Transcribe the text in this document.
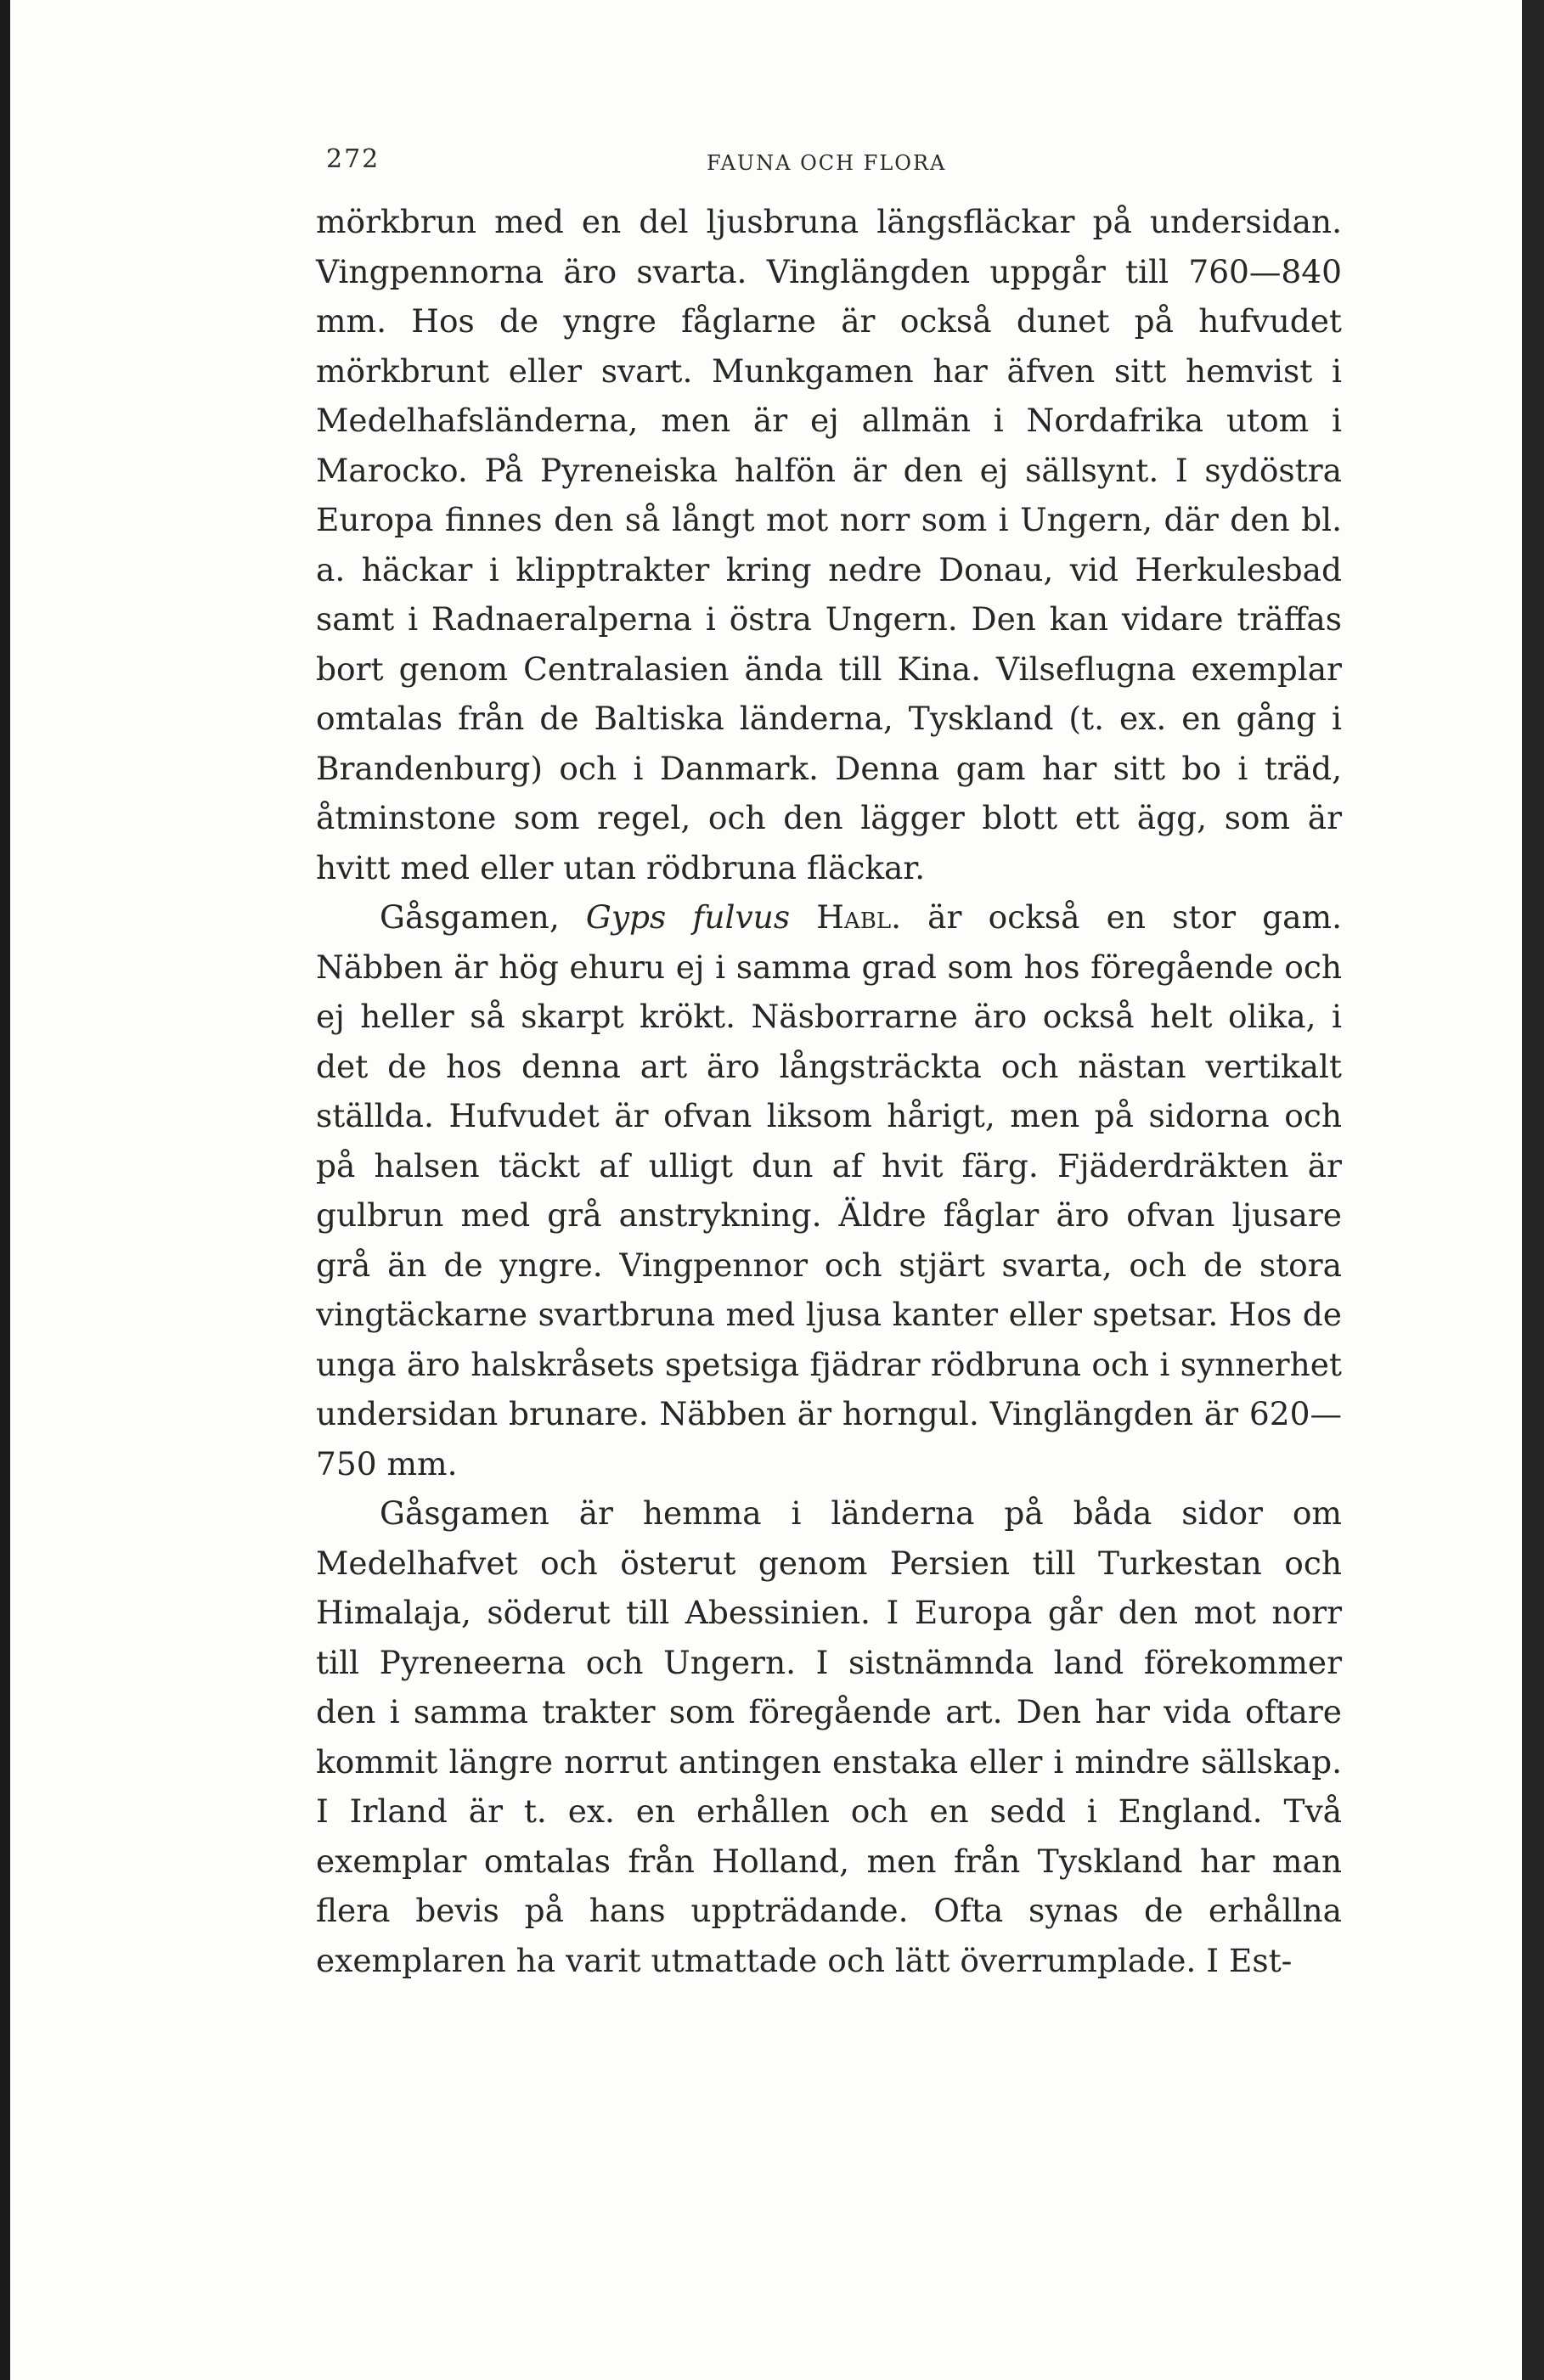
272	FAUNA OCH FLORA

mörkbrun med en del ljusbruna längsfläckar på undersidan. Vingpennorna äro svarta. Vinglängden uppgår till 760—840 mm. Hos de yngre fåglarne är också dunet på hufvudet mörkbrunt eller svart. Munkgamen har äfven sitt hemvist i Medelhafsländerna, men är ej allmän i Nordafrika utom i Marocko. På Pyreneiska halfön är den ej sällsynt. I sydöstra Europa finnes den så långt mot norr som i Ungern, där den bl. a. häckar i klipptrakter kring nedre Donau, vid Herkulesbad samt i Radnaeralperna i östra Ungern. Den kan vidare träffas bort genom Centralasien ända till Kina. Vilseflugna exemplar omtalas från de Baltiska länderna, Tyskland (t. ex. en gång i Brandenburg) och i Danmark. Denna gam har sitt bo i träd, åtminstone som regel, och den lägger blott ett ägg, som är hvitt med eller utan rödbruna fläckar.

Gåsgamen, Gyps fulvus Habl. är också en stor gam. Näbben är hög ehuru ej i samma grad som hos föregående och ej heller så skarpt krökt. Näsborrarne äro också helt olika, i det de hos denna art äro långsträckta och nästan vertikalt ställda. Hufvudet är ofvan liksom hårigt, men på sidorna och på halsen täckt af ulligt dun af hvit färg. Fjäderdräkten är gulbrun med grå anstrykning. Äldre fåglar äro ofvan ljusare grå än de yngre. Vingpennor och stjärt svarta, och de stora vingtäckarne svartbruna med ljusa kanter eller spetsar. Hos de unga äro halskråsets spetsiga fjädrar rödbruna och i synnerhet undersidan brunare. Näbben är horngul. Vinglängden är 620—750 mm.

Gåsgamen är hemma i länderna på båda sidor om Medelhafvet och österut genom Persien till Turkestan och Himalaja, söderut till Abessinien. I Europa går den mot norr till Pyreneerna och Ungern. I sistnämnda land förekommer den i samma trakter som föregående art. Den har vida oftare kommit längre norrut antingen enstaka eller i mindre sällskap. I Irland är t. ex. en erhållen och en sedd i England. Två exemplar omtalas från Holland, men från Tyskland har man flera bevis på hans uppträdande. Ofta synas de erhållna exemplaren ha varit utmattade och lätt överrumplade. I Est-
